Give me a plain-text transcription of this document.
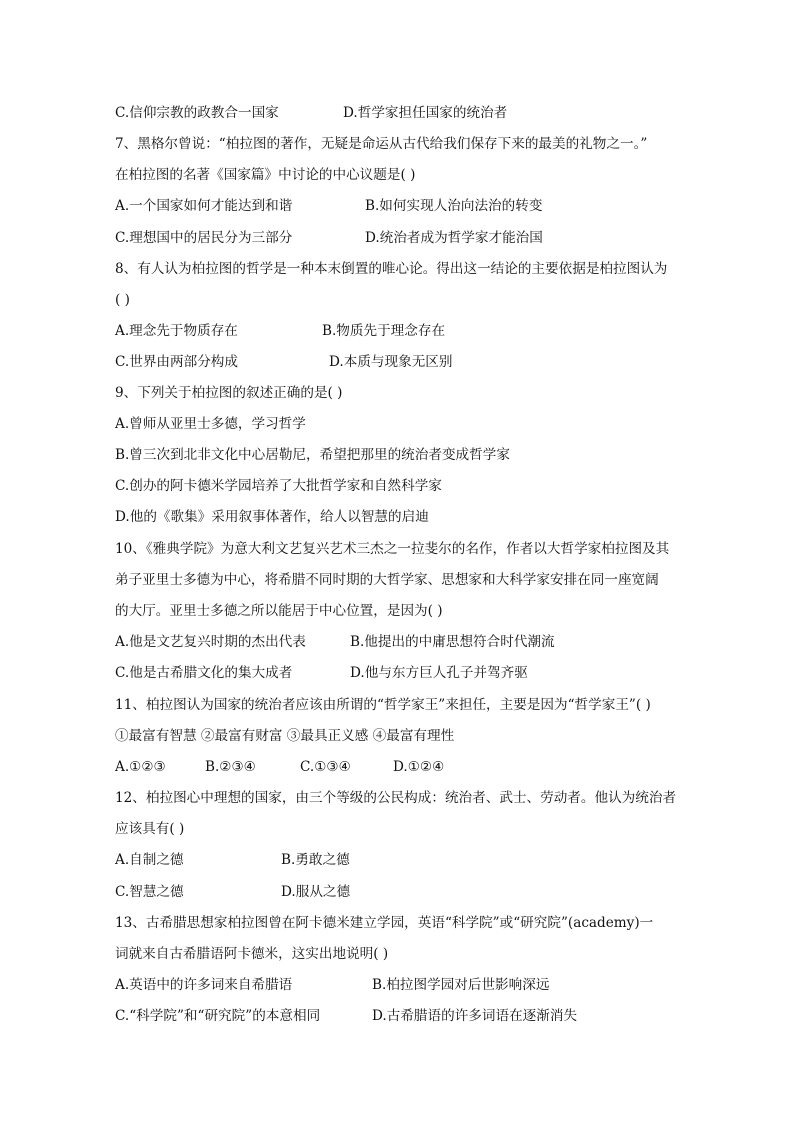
C.信仰宗教的政教合一国家	D.哲学家担任国家的统治者
7、黑格尔曾说：“柏拉图的著作，无疑是命运从古代给我们保存下来的最美的礼物之一。”
在柏拉图的名著《国家篇》中讨论的中心议题是( )
A.一个国家如何才能达到和谐	B.如何实现人治向法治的转变
C.理想国中的居民分为三部分	D.统治者成为哲学家才能治国
8、有人认为柏拉图的哲学是一种本末倒置的唯心论。得出这一结论的主要依据是柏拉图认为
( )
A.理念先于物质存在	B.物质先于理念存在
C.世界由两部分构成	D.本质与现象无区别
9、下列关于柏拉图的叙述正确的是( )
A.曾师从亚里士多德，学习哲学
B.曾三次到北非文化中心居勒尼，希望把那里的统治者变成哲学家
C.创办的阿卡德米学园培养了大批哲学家和自然科学家
D.他的《歌集》采用叙事体著作，给人以智慧的启迪
10、《雅典学院》为意大利文艺复兴艺术三杰之一拉斐尔的名作，作者以大哲学家柏拉图及其
弟子亚里士多德为中心，将希腊不同时期的大哲学家、思想家和大科学家安排在同一座宽阔
的大厅。亚里士多德之所以能居于中心位置，是因为( )
A.他是文艺复兴时期的杰出代表	B.他提出的中庸思想符合时代潮流
C.他是古希腊文化的集大成者	D.他与东方巨人孔子并驾齐驱
11、柏拉图认为国家的统治者应该由所谓的“哲学家王”来担任，主要是因为“哲学家王”( )
①最富有智慧 ②最富有财富 ③最具正义感 ④最富有理性
A.①②③	B.②③④	C.①③④	D.①②④
12、柏拉图心中理想的国家，由三个等级的公民构成：统治者、武士、劳动者。他认为统治者
应该具有( )
A.自制之德	B.勇敢之德
C.智慧之德	D.服从之德
13、古希腊思想家柏拉图曾在阿卡德米建立学园，英语“科学院”或“研究院”(academy)一
词就来自古希腊语阿卡德米，这实出地说明( )
A.英语中的许多词来自希腊语	B.柏拉图学园对后世影响深远
C.“科学院”和“研究院”的本意相同	D.古希腊语的许多词语在逐渐消失
